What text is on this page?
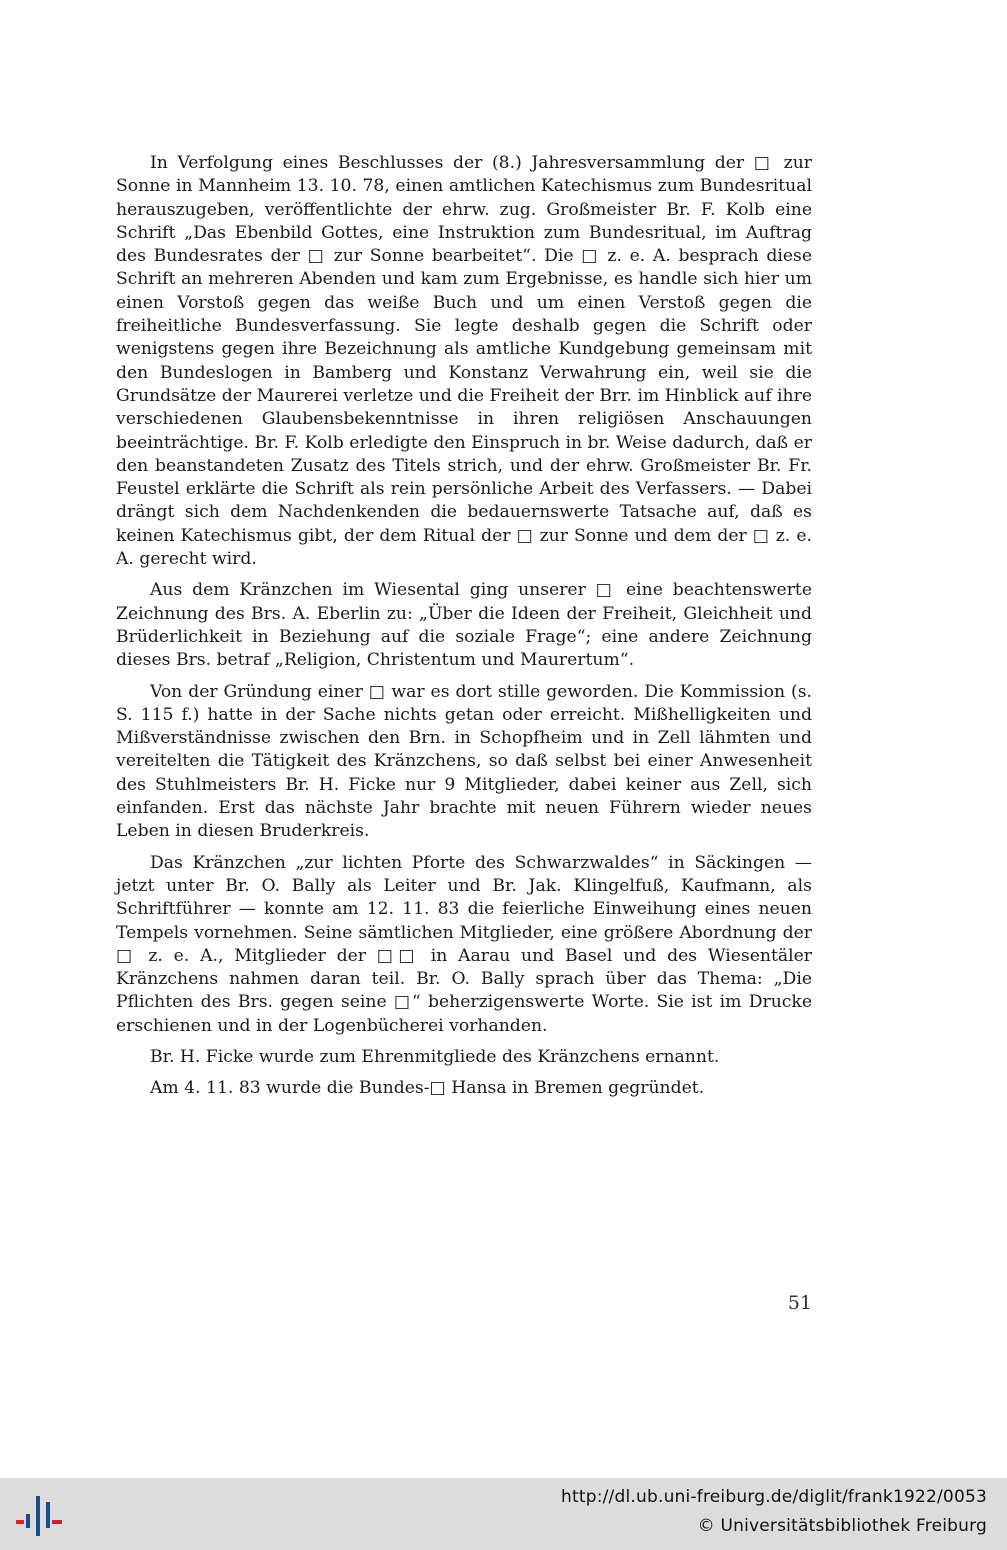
In Verfolgung eines Beschlusses der (8.) Jahresversammlung der □ zur Sonne in Mannheim 13. 10. 78, einen amtlichen Katechismus zum Bundesritual herauszugeben, veröffentlichte der ehrw. zug. Großmeister Br. F. Kolb eine Schrift „Das Ebenbild Gottes, eine Instruktion zum Bundesritual, im Auftrag des Bundesrates der □ zur Sonne bearbeitet“. Die □ z. e. A. besprach diese Schrift an mehreren Abenden und kam zum Ergebnisse, es handle sich hier um einen Vorstoß gegen das weiße Buch und um einen Verstoß gegen die freiheitliche Bundesverfassung. Sie legte deshalb gegen die Schrift oder wenigstens gegen ihre Bezeichnung als amtliche Kundgebung gemeinsam mit den Bundeslogen in Bamberg und Konstanz Verwahrung ein, weil sie die Grundsätze der Maurerei verletze und die Freiheit der Brr. im Hinblick auf ihre verschiedenen Glaubensbekenntnisse in ihren religiösen Anschauungen beeinträchtige. Br. F. Kolb erledigte den Einspruch in br. Weise dadurch, daß er den beanstandeten Zusatz des Titels strich, und der ehrw. Großmeister Br. Fr. Feustel erklärte die Schrift als rein persönliche Arbeit des Verfassers. — Dabei drängt sich dem Nachdenkenden die bedauernswerte Tatsache auf, daß es keinen Katechismus gibt, der dem Ritual der □ zur Sonne und dem der □ z. e. A. gerecht wird.

Aus dem Kränzchen im Wiesental ging unserer □ eine beachtenswerte Zeichnung des Brs. A. Eberlin zu: „Über die Ideen der Freiheit, Gleichheit und Brüderlichkeit in Beziehung auf die soziale Frage“; eine andere Zeichnung dieses Brs. betraf „Religion, Christentum und Maurertum“.

Von der Gründung einer □ war es dort stille geworden. Die Kommission (s. S. 115 f.) hatte in der Sache nichts getan oder erreicht. Mißhelligkeiten und Mißverständnisse zwischen den Brn. in Schopfheim und in Zell lähmten und vereitelten die Tätigkeit des Kränzchens, so daß selbst bei einer Anwesenheit des Stuhlmeisters Br. H. Ficke nur 9 Mitglieder, dabei keiner aus Zell, sich einfanden. Erst das nächste Jahr brachte mit neuen Führern wieder neues Leben in diesen Bruderkreis.

Das Kränzchen „zur lichten Pforte des Schwarzwaldes“ in Säckingen — jetzt unter Br. O. Bally als Leiter und Br. Jak. Klingelfuß, Kaufmann, als Schriftführer — konnte am 12. 11. 83 die feierliche Einweihung eines neuen Tempels vornehmen. Seine sämtlichen Mitglieder, eine größere Abordnung der □ z. e. A., Mitglieder der □□ in Aarau und Basel und des Wiesentäler Kränzchens nahmen daran teil. Br. O. Bally sprach über das Thema: „Die Pflichten des Brs. gegen seine □“ beherzigenswerte Worte. Sie ist im Drucke erschienen und in der Logenbücherei vorhanden.

Br. H. Ficke wurde zum Ehrenmitgliede des Kränzchens ernannt.

Am 4. 11. 83 wurde die Bundes-□ Hansa in Bremen gegründet.

51
http://dl.ub.uni-freiburg.de/diglit/frank1922/0053
© Universitätsbibliothek Freiburg
